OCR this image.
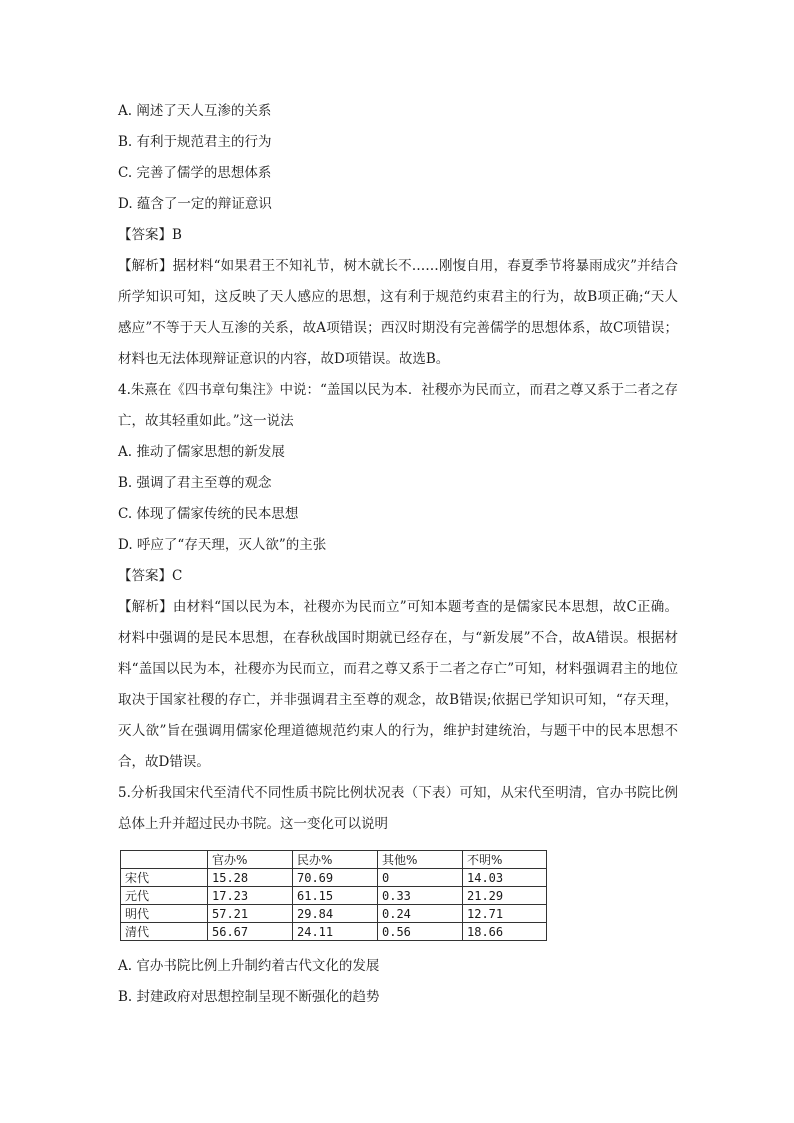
A. 阐述了天人互渗的关系
B. 有利于规范君主的行为
C. 完善了儒学的思想体系
D. 蕴含了一定的辩证意识
【答案】B
【解析】据材料“如果君王不知礼节，树木就长不……刚愎自用，春夏季节将暴雨成灾”并结合所学知识可知，这反映了天人感应的思想，这有利于规范约束君主的行为，故B项正确;“天人感应”不等于天人互渗的关系，故A项错误；西汉时期没有完善儒学的思想体系，故C项错误；材料也无法体现辩证意识的内容，故D项错误。故选B。
4.朱熹在《四书章句集注》中说：“盖国以民为本．社稷亦为民而立，而君之尊又系于二者之存亡，故其轻重如此。”这一说法
A. 推动了儒家思想的新发展
B. 强调了君主至尊的观念
C. 体现了儒家传统的民本思想
D. 呼应了“存天理，灭人欲”的主张
【答案】C
【解析】由材料“国以民为本，社稷亦为民而立”可知本题考查的是儒家民本思想，故C正确。材料中强调的是民本思想，在春秋战国时期就已经存在，与“新发展”不合，故A错误。根据材料“盖国以民为本，社稷亦为民而立，而君之尊又系于二者之存亡”可知，材料强调君主的地位取决于国家社稷的存亡，并非强调君主至尊的观念，故B错误;依据已学知识可知，“存天理，灭人欲”旨在强调用儒家伦理道德规范约束人的行为，维护封建统治，与题干中的民本思想不合，故D错误。
5.分析我国宋代至清代不同性质书院比例状况表（下表）可知，从宋代至明清，官办书院比例总体上升并超过民办书院。这一变化可以说明
	官办%	民办%	其他%	不明%
宋代	15.28	70.69	0	14.03
元代	17.23	61.15	0.33	21.29
明代	57.21	29.84	0.24	12.71
清代	56.67	24.11	0.56	18.66
A. 官办书院比例上升制约着古代文化的发展
B. 封建政府对思想控制呈现不断强化的趋势
